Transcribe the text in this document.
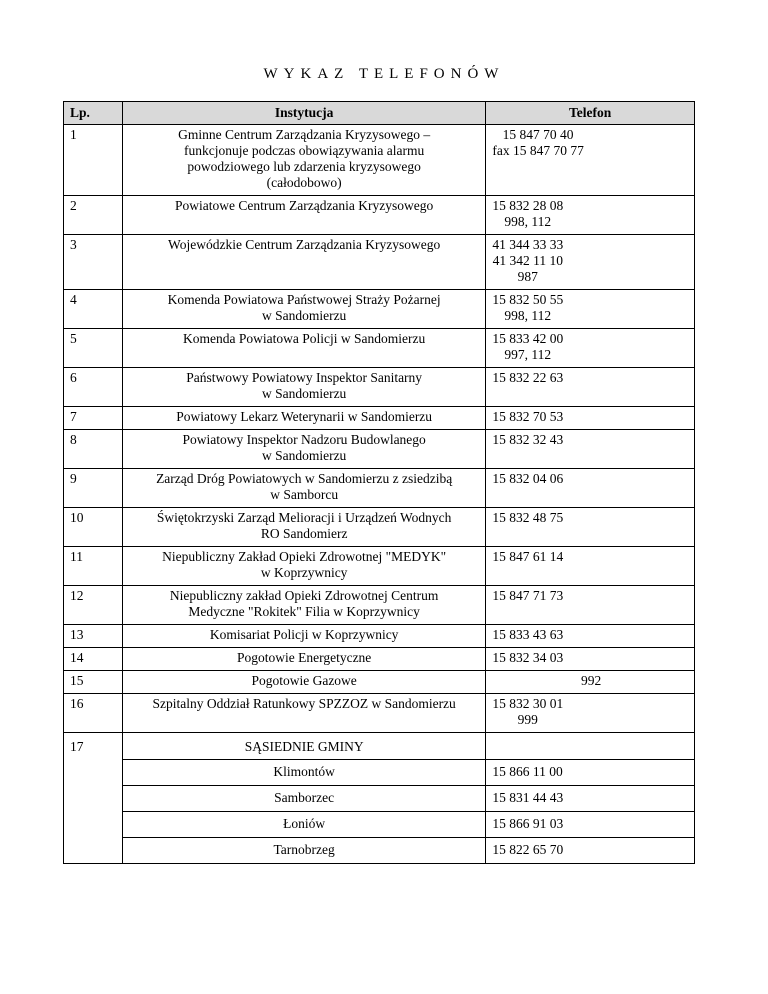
WYKAZ TELEFONÓW
Lp.	Instytucja	Telefon
1	Gminne Centrum Zarządzania Kryzysowego –
funkcjonuje podczas obowiązywania alarmu
powodziowego lub zdarzenia kryzysowego
(całodobowo)	15 847 70 40
fax 15 847 70 77
2	Powiatowe Centrum Zarządzania Kryzysowego	15 832 28 08
998, 112
3	Wojewódzkie Centrum Zarządzania Kryzysowego	41 344 33 33
41 342 11 10
987
4	Komenda Powiatowa Państwowej Straży Pożarnej
w Sandomierzu	15 832 50 55
998, 112
5	Komenda Powiatowa Policji w Sandomierzu	15 833 42 00
997, 112
6	Państwowy Powiatowy Inspektor Sanitarny
w Sandomierzu	15 832 22 63
7	Powiatowy Lekarz Weterynarii w Sandomierzu	15 832 70 53
8	Powiatowy Inspektor Nadzoru Budowlanego
w Sandomierzu	15 832 32 43
9	Zarząd Dróg Powiatowych w Sandomierzu z zsiedzibą
w Samborcu	15 832 04 06
10	Świętokrzyski Zarząd Melioracji i Urządzeń Wodnych
RO Sandomierz	15 832 48 75
11	Niepubliczny Zakład Opieki Zdrowotnej "MEDYK"
w Koprzywnicy	15 847 61 14
12	Niepubliczny zakład Opieki Zdrowotnej Centrum
Medyczne "Rokitek" Filia w Koprzywnicy	15 847 71 73
13	Komisariat Policji w Koprzywnicy	15 833 43 63
14	Pogotowie Energetyczne	15 832 34 03
15	Pogotowie Gazowe	992
16	Szpitalny Oddział Ratunkowy SPZZOZ w Sandomierzu	15 832 30 01
999
17	SĄSIEDNIE GMINY	
	Klimontów	15 866 11 00
	Samborzec	15 831 44 43
	Łoniów	15 866 91 03
	Tarnobrzeg	15 822 65 70
